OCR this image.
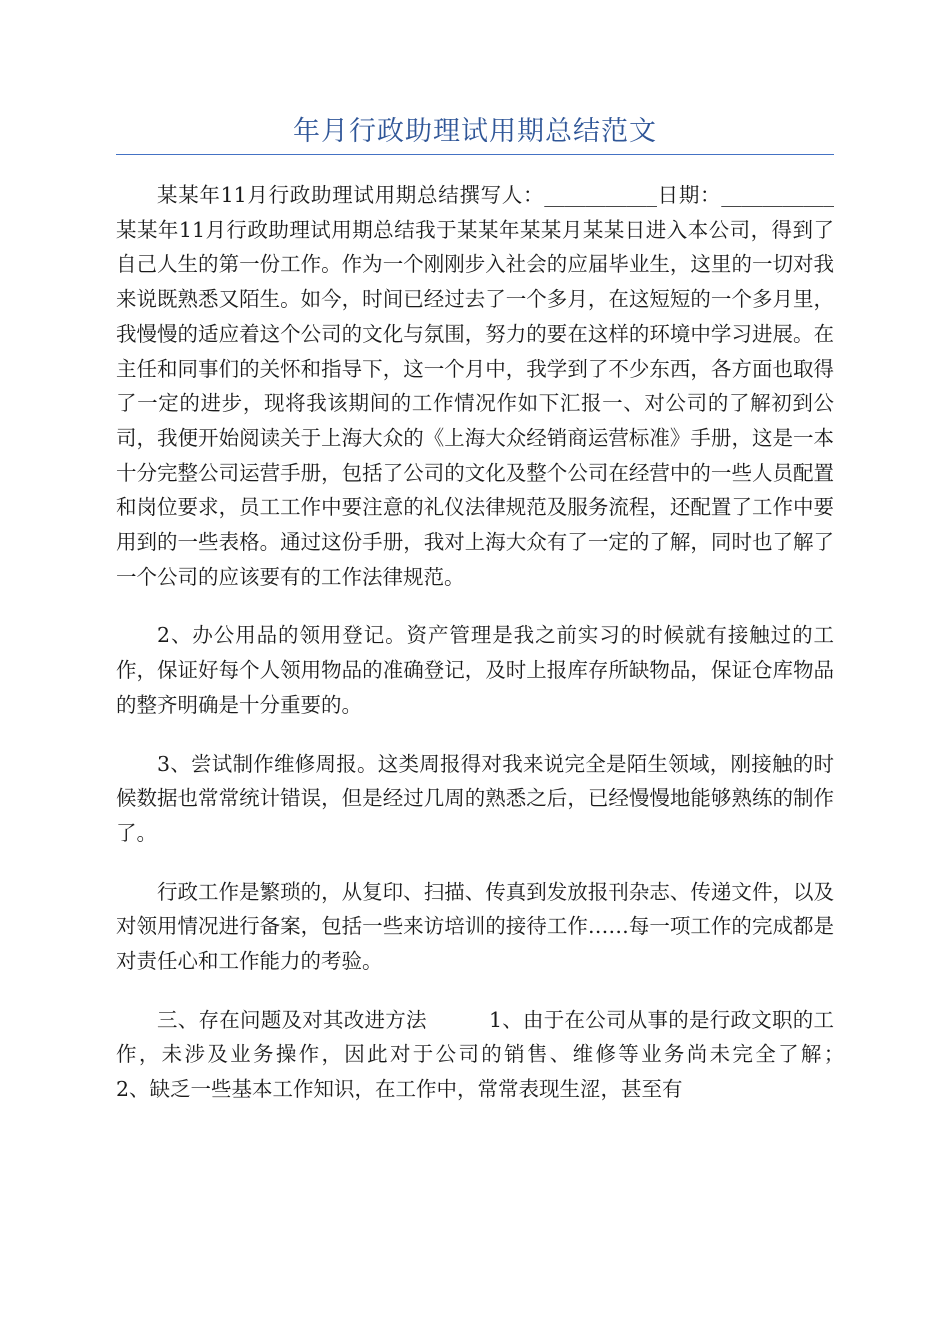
年月行政助理试用期总结范文

某某年11月行政助理试用期总结撰写人：___________日期：___________某某年11月行政助理试用期总结我于某某年某某月某某日进入本公司，得到了自己人生的第一份工作。作为一个刚刚步入社会的应届毕业生，这里的一切对我来说既熟悉又陌生。如今，时间已经过去了一个多月，在这短短的一个多月里，我慢慢的适应着这个公司的文化与氛围，努力的要在这样的环境中学习进展。在主任和同事们的关怀和指导下，这一个月中，我学到了不少东西，各方面也取得了一定的进步，现将我该期间的工作情况作如下汇报一、对公司的了解初到公司，我便开始阅读关于上海大众的《上海大众经销商运营标准》手册，这是一本十分完整公司运营手册，包括了公司的文化及整个公司在经营中的一些人员配置和岗位要求，员工工作中要注意的礼仪法律规范及服务流程，还配置了工作中要用到的一些表格。通过这份手册，我对上海大众有了一定的了解，同时也了解了一个公司的应该要有的工作法律规范。

2、办公用品的领用登记。资产管理是我之前实习的时候就有接触过的工作，保证好每个人领用物品的准确登记，及时上报库存所缺物品，保证仓库物品的整齐明确是十分重要的。

3、尝试制作维修周报。这类周报得对我来说完全是陌生领域，刚接触的时候数据也常常统计错误，但是经过几周的熟悉之后，已经慢慢地能够熟练的制作了。

行政工作是繁琐的，从复印、扫描、传真到发放报刊杂志、传递文件，以及对领用情况进行备案，包括一些来访培训的接待工作……每一项工作的完成都是对责任心和工作能力的考验。

三、存在问题及对其改进方法　　　1、由于在公司从事的是行政文职的工作，未涉及业务操作，因此对于公司的销售、维修等业务尚未完全了解；　　　2、缺乏一些基本工作知识，在工作中，常常表现生涩，甚至有
